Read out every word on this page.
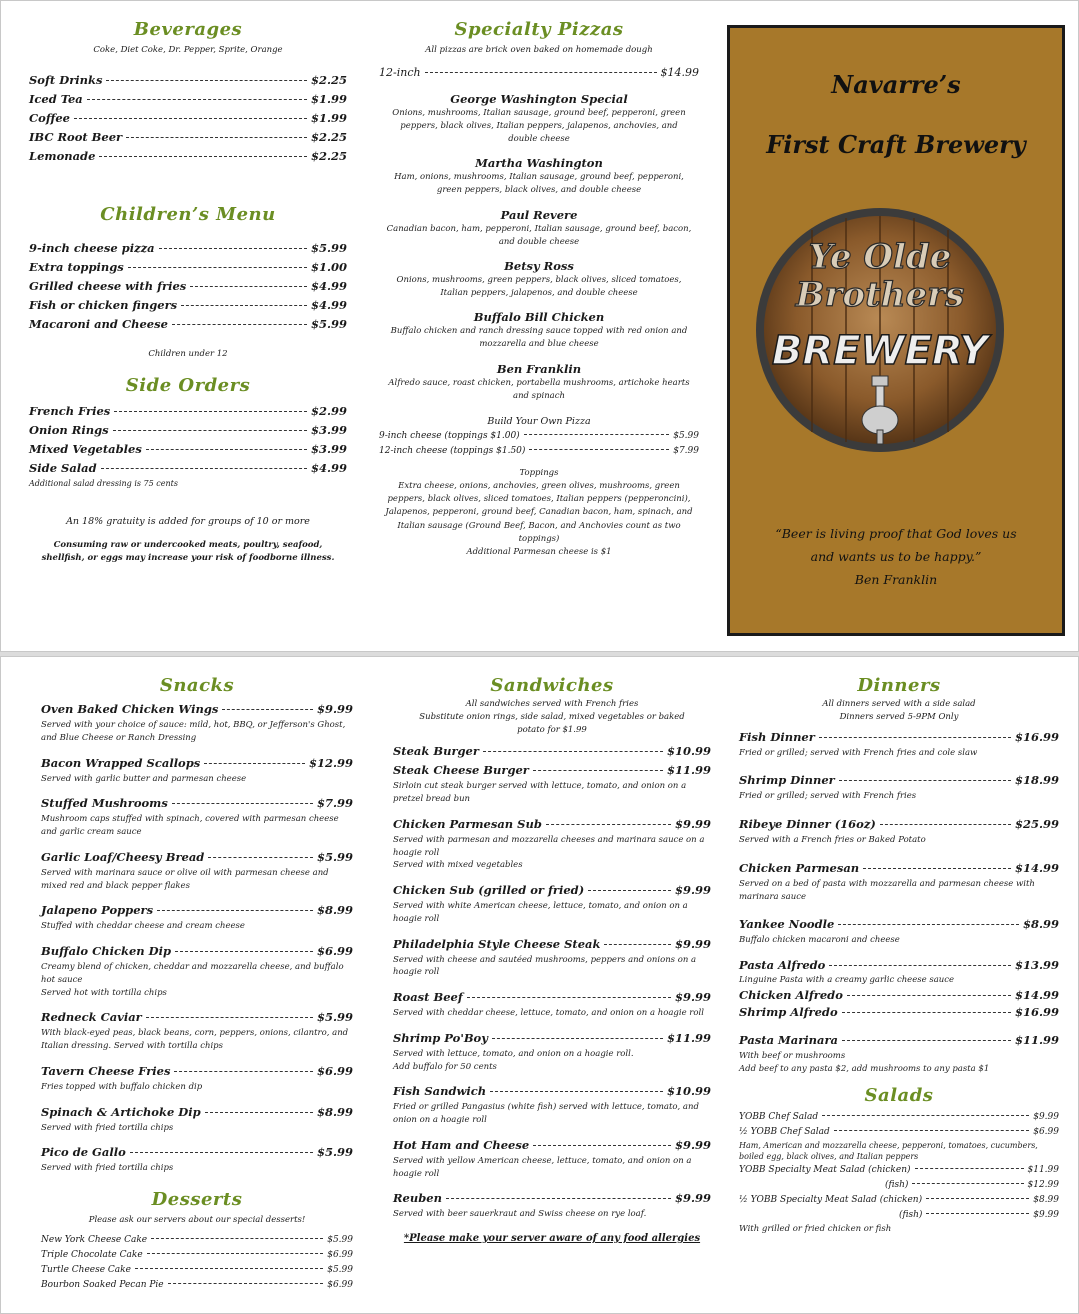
Beverages
Coke, Diet Coke, Dr. Pepper, Sprite, Orange
Soft Drinks	$2.25
Iced Tea	$1.99
Coffee	$1.99
IBC Root Beer	$2.25
Lemonade	$2.25
Children’s Menu
9-inch cheese pizza	$5.99
Extra toppings	$1.00
Grilled cheese with fries	$4.99
Fish or chicken fingers	$4.99
Macaroni and Cheese	$5.99
Children under 12
Side Orders
French Fries	$2.99
Onion Rings	$3.99
Mixed Vegetables	$3.99
Side Salad	$4.99
Additional salad dressing is 75 cents
An 18% gratuity is added for groups of 10 or more
Consuming raw or undercooked meats, poultry, seafood, shellfish, or eggs may increase your risk of foodborne illness.
Specialty Pizzas
All pizzas are brick oven baked on homemade dough
12-inch	$14.99
George Washington Special
Onions, mushrooms, Italian sausage, ground beef, pepperoni, green peppers, black olives, Italian peppers, jalapenos, anchovies, and double cheese
Martha Washington
Ham, onions, mushrooms, Italian sausage, ground beef, pepperoni, green peppers, black olives, and double cheese
Paul Revere
Canadian bacon, ham, pepperoni, Italian sausage, ground beef, bacon, and double cheese
Betsy Ross
Onions, mushrooms, green peppers, black olives, sliced tomatoes, Italian peppers, jalapenos, and double cheese
Buffalo Bill Chicken
Buffalo chicken and ranch dressing sauce topped with red onion and mozzarella and blue cheese
Ben Franklin
Alfredo sauce, roast chicken, portabella mushrooms, artichoke hearts and spinach
Build Your Own Pizza
9-inch cheese (toppings $1.00)	$5.99
12-inch cheese (toppings $1.50)	$7.99
Toppings
Extra cheese, onions, anchovies, green olives, mushrooms, green peppers, black olives, sliced tomatoes, Italian peppers (pepperoncini), Jalapenos, pepperoni, ground beef, Canadian bacon, ham, spinach, and Italian sausage (Ground Beef, Bacon, and Anchovies count as two toppings)
Additional Parmesan cheese is $1
Navarre’s
First Craft Brewery
Ye Olde
Brothers
BREWERY
“Beer is living proof that God loves us
and wants us to be happy.”
Ben Franklin
Snacks
Oven Baked Chicken Wings	$9.99
Served with your choice of sauce: mild, hot, BBQ, or Jefferson's Ghost, and Blue Cheese or Ranch Dressing
Bacon Wrapped Scallops	$12.99
Served with garlic butter and parmesan cheese
Stuffed Mushrooms	$7.99
Mushroom caps stuffed with spinach, covered with parmesan cheese and garlic cream sauce
Garlic Loaf/Cheesy Bread	$5.99
Served with marinara sauce or olive oil with parmesan cheese and mixed red and black pepper flakes
Jalapeno Poppers	$8.99
Stuffed with cheddar cheese and cream cheese
Buffalo Chicken Dip	$6.99
Creamy blend of chicken, cheddar and mozzarella cheese, and buffalo hot sauce
Served hot with tortilla chips
Redneck Caviar	$5.99
With black-eyed peas, black beans, corn, peppers, onions, cilantro, and Italian dressing. Served with tortilla chips
Tavern Cheese Fries	$6.99
Fries topped with buffalo chicken dip
Spinach & Artichoke Dip	$8.99
Served with fried tortilla chips
Pico de Gallo	$5.99
Served with fried tortilla chips
Desserts
Please ask our servers about our special desserts!
New York Cheese Cake	$5.99
Triple Chocolate Cake	$6.99
Turtle Cheese Cake	$5.99
Bourbon Soaked Pecan Pie	$6.99
Sandwiches
All sandwiches served with French fries
Substitute onion rings, side salad, mixed vegetables or baked potato for $1.99
Steak Burger	$10.99
Steak Cheese Burger	$11.99
Sirloin cut steak burger served with lettuce, tomato, and onion on a pretzel bread bun
Chicken Parmesan Sub	$9.99
Served with parmesan and mozzarella cheeses and marinara sauce on a hoagie roll
Served with mixed vegetables
Chicken Sub (grilled or fried)	$9.99
Served with white American cheese, lettuce, tomato, and onion on a hoagie roll
Philadelphia Style Cheese Steak	$9.99
Served with cheese and sautéed mushrooms, peppers and onions on a hoagie roll
Roast Beef	$9.99
Served with cheddar cheese, lettuce, tomato, and onion on a hoagie roll
Shrimp Po'Boy	$11.99
Served with lettuce, tomato, and onion on a hoagie roll.
Add buffalo for 50 cents
Fish Sandwich	$10.99
Fried or grilled Pangasius (white fish) served with lettuce, tomato, and onion on a hoagie roll
Hot Ham and Cheese	$9.99
Served with yellow American cheese, lettuce, tomato, and onion on a hoagie roll
Reuben	$9.99
Served with beer sauerkraut and Swiss cheese on rye loaf.
*Please make your server aware of any food allergies
Dinners
All dinners served with a side salad
Dinners served 5-9PM Only
Fish Dinner	$16.99
Fried or grilled; served with French fries and cole slaw
Shrimp Dinner	$18.99
Fried or grilled; served with French fries
Ribeye Dinner (16oz)	$25.99
Served with a French fries or Baked Potato
Chicken Parmesan	$14.99
Served on a bed of pasta with mozzarella and parmesan cheese with marinara sauce
Yankee Noodle	$8.99
Buffalo chicken macaroni and cheese
Pasta Alfredo	$13.99
Linguine Pasta with a creamy garlic cheese sauce
Chicken Alfredo	$14.99
Shrimp Alfredo	$16.99
Pasta Marinara	$11.99
With beef or mushrooms
Add beef to any pasta $2, add mushrooms to any pasta $1
Salads
YOBB Chef Salad	$9.99
½ YOBB Chef Salad	$6.99
Ham, American and mozzarella cheese, pepperoni, tomatoes, cucumbers, boiled egg, black olives, and Italian peppers
YOBB Specialty Meat Salad (chicken)	$11.99
(fish)	$12.99
½ YOBB Specialty Meat Salad (chicken)	$8.99
(fish)	$9.99
With grilled or fried chicken or fish
